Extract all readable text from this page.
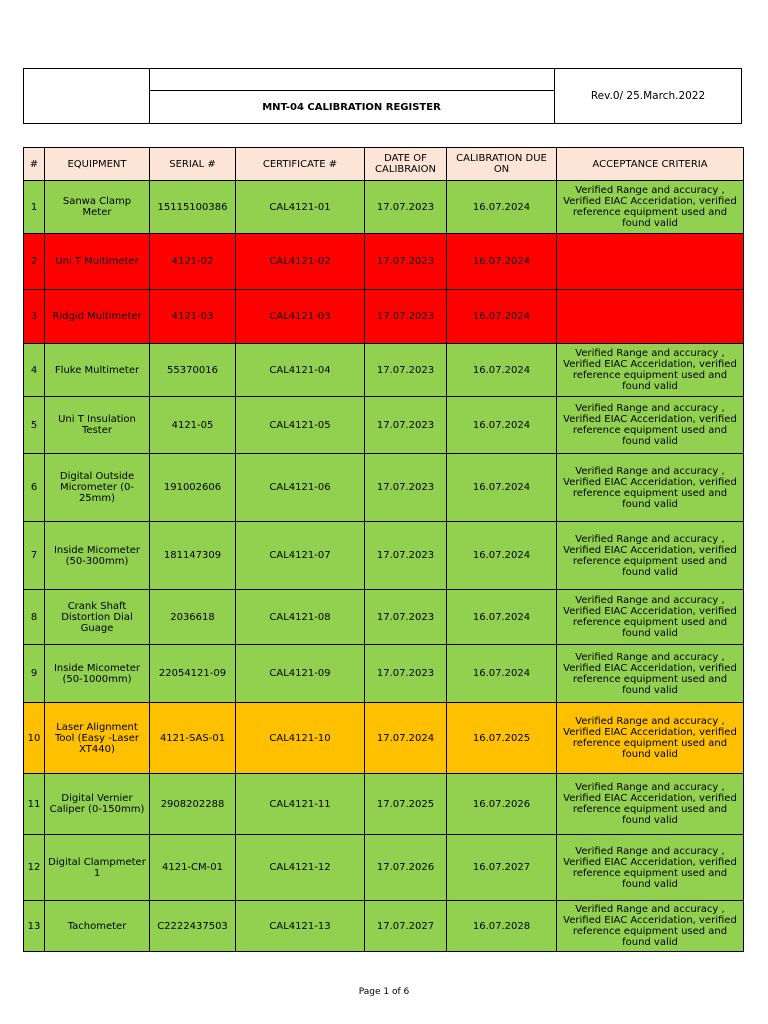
MNT-04 CALIBRATION REGISTER
Rev.0/ 25.March.2022
#	EQUIPMENT	SERIAL #	CERTIFICATE #	DATE OF CALIBRAION	CALIBRATION DUE ON	ACCEPTANCE CRITERIA
1	Sanwa Clamp Meter	15115100386	CAL4121-01	17.07.2023	16.07.2024	Verified Range and accuracy , Verified EIAC Acceridation, verified reference equipment used and found valid
2	Uni T Multimeter	4121-02	CAL4121-02	17.07.2023	16.07.2024	
3	Ridgid Multimeter	4121-03	CAL4121-03	17.07.2023	16.07.2024	
4	Fluke Multimeter	55370016	CAL4121-04	17.07.2023	16.07.2024	Verified Range and accuracy , Verified EIAC Acceridation, verified reference equipment used and found valid
5	Uni T Insulation Tester	4121-05	CAL4121-05	17.07.2023	16.07.2024	Verified Range and accuracy , Verified EIAC Acceridation, verified reference equipment used and found valid
6	Digital Outside Micrometer (0-25mm)	191002606	CAL4121-06	17.07.2023	16.07.2024	Verified Range and accuracy , Verified EIAC Acceridation, verified reference equipment used and found valid
7	Inside Micometer (50-300mm)	181147309	CAL4121-07	17.07.2023	16.07.2024	Verified Range and accuracy , Verified EIAC Acceridation, verified reference equipment used and found valid
8	Crank Shaft Distortion Dial Guage	2036618	CAL4121-08	17.07.2023	16.07.2024	Verified Range and accuracy , Verified EIAC Acceridation, verified reference equipment used and found valid
9	Inside Micometer (50-1000mm)	22054121-09	CAL4121-09	17.07.2023	16.07.2024	Verified Range and accuracy , Verified EIAC Acceridation, verified reference equipment used and found valid
10	Laser Alignment Tool (Easy -Laser XT440)	4121-SAS-01	CAL4121-10	17.07.2024	16.07.2025	Verified Range and accuracy , Verified EIAC Acceridation, verified reference equipment used and found valid
11	Digital Vernier Caliper (0-150mm)	2908202288	CAL4121-11	17.07.2025	16.07.2026	Verified Range and accuracy , Verified EIAC Acceridation, verified reference equipment used and found valid
12	Digital Clampmeter 1	4121-CM-01	CAL4121-12	17.07.2026	16.07.2027	Verified Range and accuracy , Verified EIAC Acceridation, verified reference equipment used and found valid
13	Tachometer	C2222437503	CAL4121-13	17.07.2027	16.07.2028	Verified Range and accuracy , Verified EIAC Acceridation, verified reference equipment used and found valid
Page 1 of 6
